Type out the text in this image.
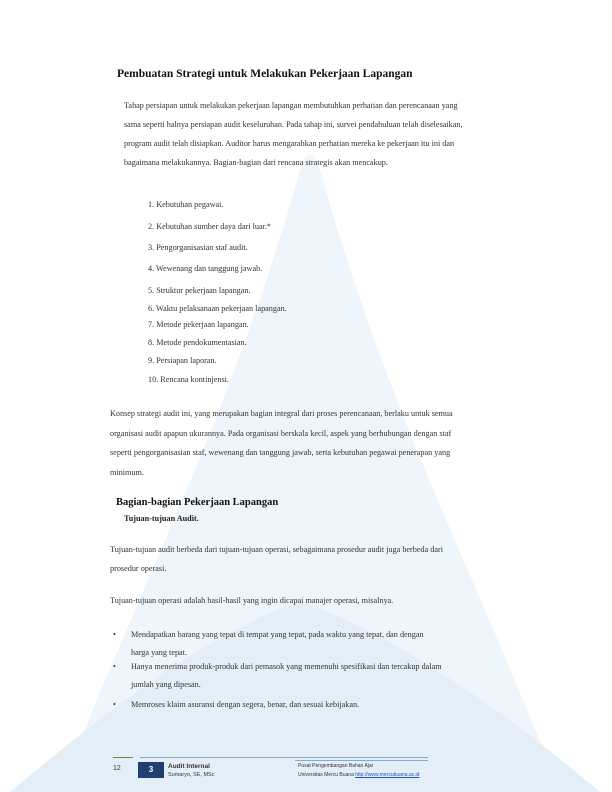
Pembuatan Strategi untuk Melakukan Pekerjaan Lapangan

Tahap persiapan untuk melakukan pekerjaan lapangan membutuhkan perhatian dan perencanaan yang sama seperti halnya persiapan audit keseluruhan. Pada tahap ini, survei pendahuluan telah diselesaikan, program audit telah disiapkan. Auditor harus mengarahkan perhatian mereka ke pekerjaan itu ini dan bagaimana melakukannya. Bagian-bagian dari rencana strategis akan mencakup.

1. Kebutuhan pegawai.
2. Kebutuhan sumber daya dari luar.*
3. Pengorganisasian staf audit.
4. Wewenang dan tanggung jawab.
5. Struktur pekerjaan lapangan.
6. Waktu pelaksanaan pekerjaan lapangan.
7. Metode pekerjaan lapangan.
8. Metode pendokumentasian.
9. Persiapan laporan.
10. Rencana kontinjensi.
Konsep strategi audit ini, yang merupakan bagian integral dari proses perencanaan, berlaku untuk semua organisasi audit apapun ukurannya. Pada organisasi berskala kecil, aspek yang berhubungan dengan staf seperti pengorganisasian staf, wewenang dan tanggung jawab, serta kebutuhan pegawai penerapan yang minimum.
Bagian-bagian Pekerjaan Lapangan
Tujuan-tujuan Audit.
Tujuan-tujuan audit berbeda dari tujuan-tujuan operasi, sebagaimana prosedur audit juga berbeda dari prosedur operasi.
Tujuan-tujuan operasi adalah hasil-hasil yang ingin dicapai manajer operasi, misalnya.
• Mendapatkan barang yang tepat di tempat yang tepat, pada waktu yang tepat, dan dengan harga yang tepat.
• Hanya menerima produk-produk dari pemasok yang memenuhi spesifikasi dan tercakup dalam jumlah yang dipesan.
• Memroses klaim asuransi dengan segera, benar, dan sesuai kebijakan.
12	3	Audit Internal
Sumaryo, SE, MSc
Pusat Pengembangan Bahan Ajar
Universitas Mercu Buana http://www.mercubuana.ac.id
